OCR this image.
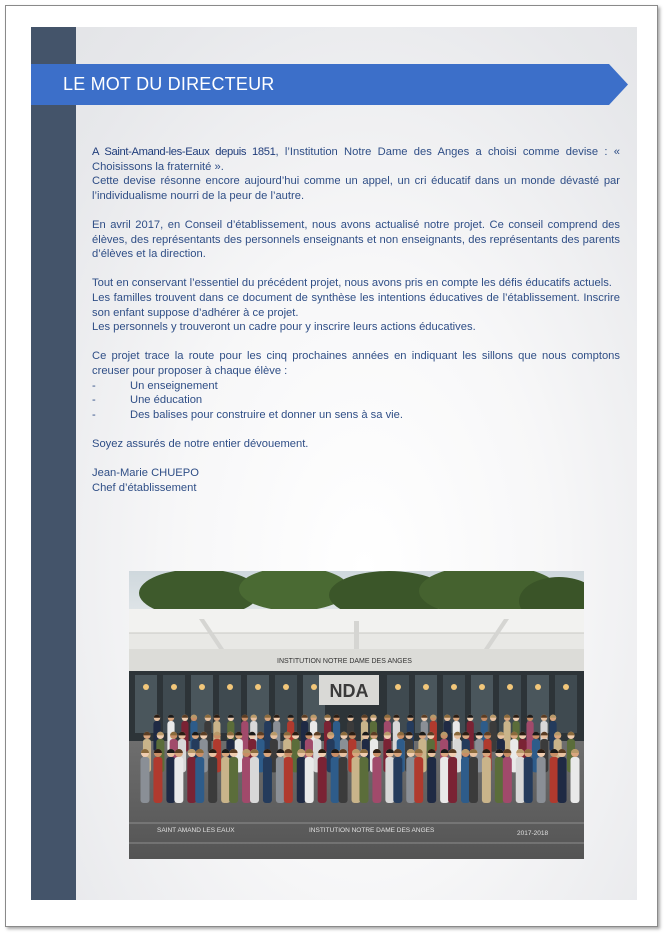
LE MOT DU DIRECTEUR

A Saint-Amand-les-Eaux depuis 1851, l’Institution Notre Dame des Anges a choisi comme devise : « Choisissons la fraternité ».

Cette devise résonne encore aujourd’hui comme un appel, un cri éducatif dans un monde dévasté par l’individualisme nourri de la peur de l’autre.

En avril 2017, en Conseil d’établissement, nous avons actualisé notre projet. Ce conseil comprend des élèves, des représentants des personnels enseignants et non enseignants, des représentants des parents d’élèves et la direction.

Tout en conservant l’essentiel du précédent projet, nous avons pris en compte les défis éducatifs actuels.

Les familles trouvent dans ce document de synthèse les intentions éducatives de l’établissement. Inscrire son enfant suppose d’adhérer à ce projet.

Les personnels y trouveront un cadre pour y inscrire leurs actions éducatives.

Ce projet trace la route pour les cinq prochaines années en indiquant les sillons que nous comptons creuser pour proposer à chaque élève :

-	Un enseignement
-	Une éducation
-	Des balises pour construire et donner un sens à sa vie.

Soyez assurés de notre entier dévouement.

Jean-Marie CHUEPO

Chef d’établissement

INSTITUTION NOTRE DAME DES ANGES
NDA
SAINT AMAND LES EAUX	INSTITUTION NOTRE DAME DES ANGES	2017-2018
